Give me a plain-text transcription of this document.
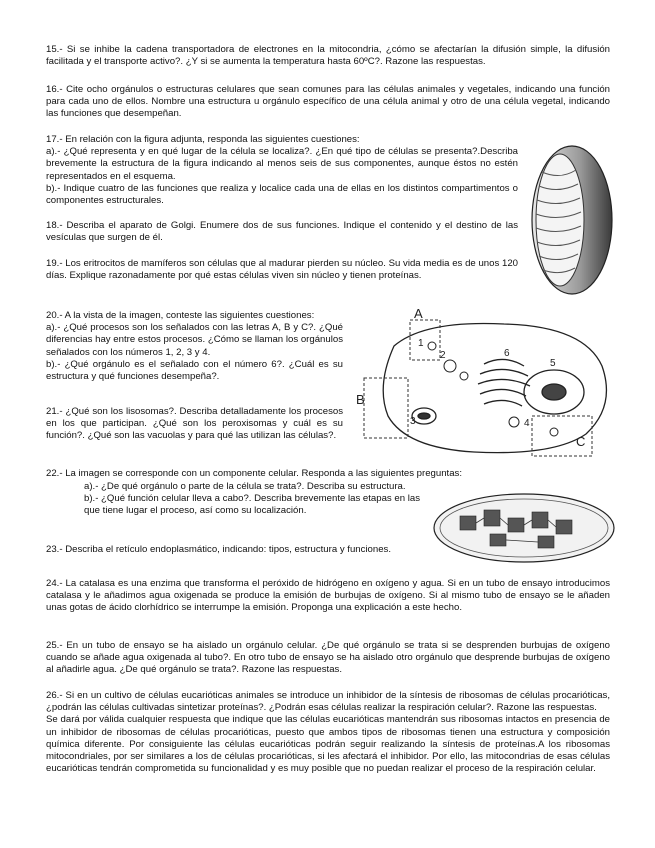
15.- Si se inhibe la cadena transportadora de electrones en la mitocondria, ¿cómo se afectarían la difusión simple, la difusión facilitada y el transporte activo?. ¿Y si se aumenta la temperatura hasta 60ºC?. Razone las respuestas.

16.- Cite ocho orgánulos o estructuras celulares que sean comunes para las células animales y vegetales, indicando una función para cada uno de ellos. Nombre una estructura u orgánulo específico de una célula animal y otro de una célula vegetal, indicando las funciones que desempeñan.

17.- En relación con la figura adjunta, responda las siguientes cuestiones:

a).- ¿Qué representa y en qué lugar de la célula se localiza?. ¿En qué tipo de células se presenta?.Describa brevemente la estructura de la figura indicando al menos seis de sus componentes, aunque éstos no estén representados en el esquema.

b).- Indique cuatro de las funciones que realiza y localice cada una de ellas en los distintos compartimentos o componentes estructurales.

18.- Describa el aparato de Golgi. Enumere dos de sus funciones. Indique el contenido y el destino de las vesículas que surgen de él.

19.- Los eritrocitos de mamíferos son células que al madurar pierden su núcleo. Su vida media es de unos 120 días. Explique razonadamente por qué estas células viven sin núcleo y tienen proteínas.

20.- A la vista de la imagen, conteste las siguientes cuestiones:

a).- ¿Qué procesos son los señalados con las letras A, B y C?. ¿Qué diferencias hay entre estos procesos. ¿Cómo se llaman los orgánulos señalados con los números 1, 2, 3 y 4.

b).- ¿Qué orgánulo es el señalado con el número 6?. ¿Cuál es su estructura y qué funciones desempeña?.

21.- ¿Qué son los lisosomas?. Describa detalladamente los procesos en los que participan. ¿Qué son los peroxisomas y cuál es su función?. ¿Qué son las vacuolas y para qué las utilizan las células?.

22.- La imagen se corresponde con un componente celular. Responda a las siguientes preguntas:

a).- ¿De qué orgánulo o parte de la célula se trata?. Describa su estructura.

b).- ¿Qué función celular lleva a cabo?. Describa brevemente las etapas en las que tiene lugar el proceso, así como su localización.

23.- Describa el retículo endoplasmático, indicando: tipos, estructura y funciones.

24.- La catalasa es una enzima que transforma el peróxido de hidrógeno en oxígeno y agua. Si en un tubo de ensayo introducimos catalasa y le añadimos agua oxigenada se produce la emisión de burbujas de oxígeno. Si al mismo tubo de ensayo se le añaden unas gotas de ácido clorhídrico se interrumpe la emisión. Proponga una explicación a este hecho.

25.- En un tubo de ensayo se ha aislado un orgánulo celular. ¿De qué orgánulo se trata si se desprenden burbujas de oxígeno cuando se añade agua oxigenada al tubo?. En otro tubo de ensayo se ha aislado otro orgánulo que desprende burbujas de oxígeno al añadirle agua. ¿De qué orgánulo se trata?. Razone las respuestas.

26.- Si en un cultivo de células eucarióticas animales se introduce un inhibidor de la síntesis de ribosomas de células procarióticas, ¿podrán las células cultivadas sintetizar proteínas?. ¿Podrán esas células realizar la respiración celular?. Razone las respuestas.

Se dará por válida cualquier respuesta que indique que las células eucarióticas mantendrán sus ribosomas intactos en presencia de un inhibidor de ribosomas de células procarióticas, puesto que ambos tipos de ribosomas tienen una estructura y composición química diferente. Por consiguiente las células eucarióticas podrán seguir realizando la síntesis de proteínas.A los ribosomas mitocondriales, por ser similares a los de células procarióticas, si les afectará el inhibidor. Por ello, las mitocondrias de esas células eucarióticas tendrán comprometida su funcionalidad y es muy posible que no puedan realizar el proceso de la respiración celular.

A
B
C
1
2
3	4
5
6
